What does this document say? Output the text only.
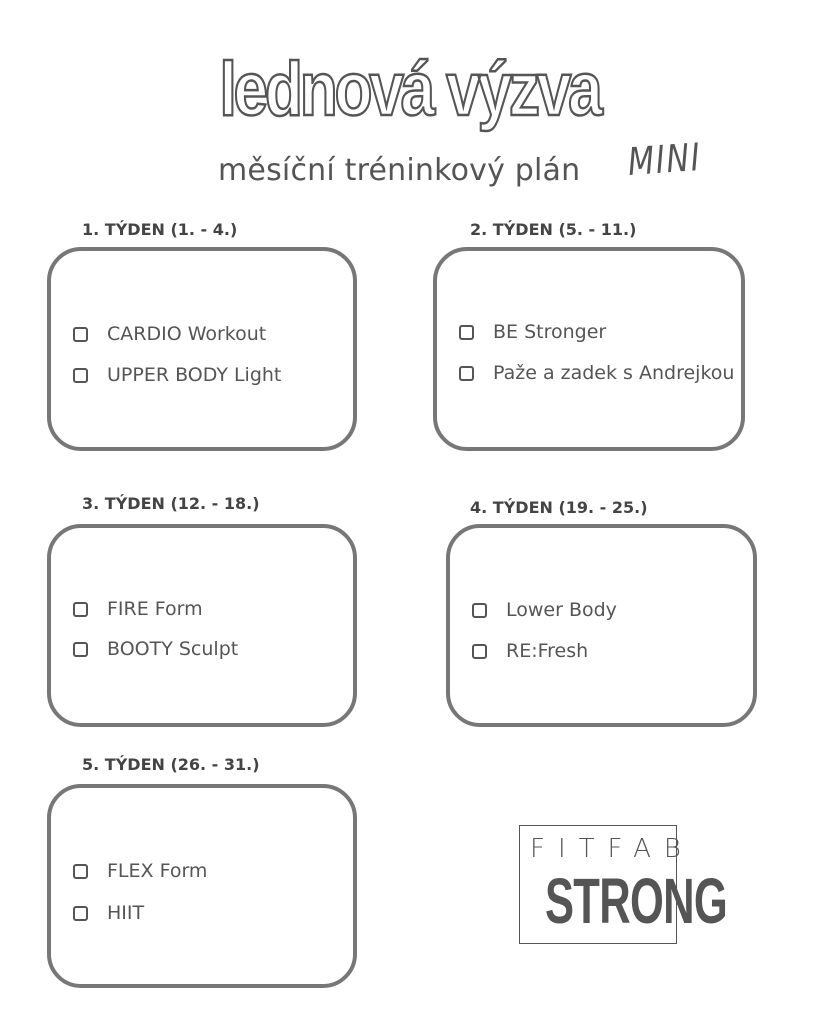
lednová výzva
měsíční tréninkový plán MINI
1. TÝDEN (1. - 4.)
CARDIO Workout
UPPER BODY Light
2. TÝDEN (5. - 11.)
BE Stronger
Paže a zadek s Andrejkou
3. TÝDEN (12. - 18.)
FIRE Form
BOOTY Sculpt
4. TÝDEN (19. - 25.)
Lower Body
RE:Fresh
5. TÝDEN (26. - 31.)
FLEX Form
HIIT
FITFAB
STRONG
